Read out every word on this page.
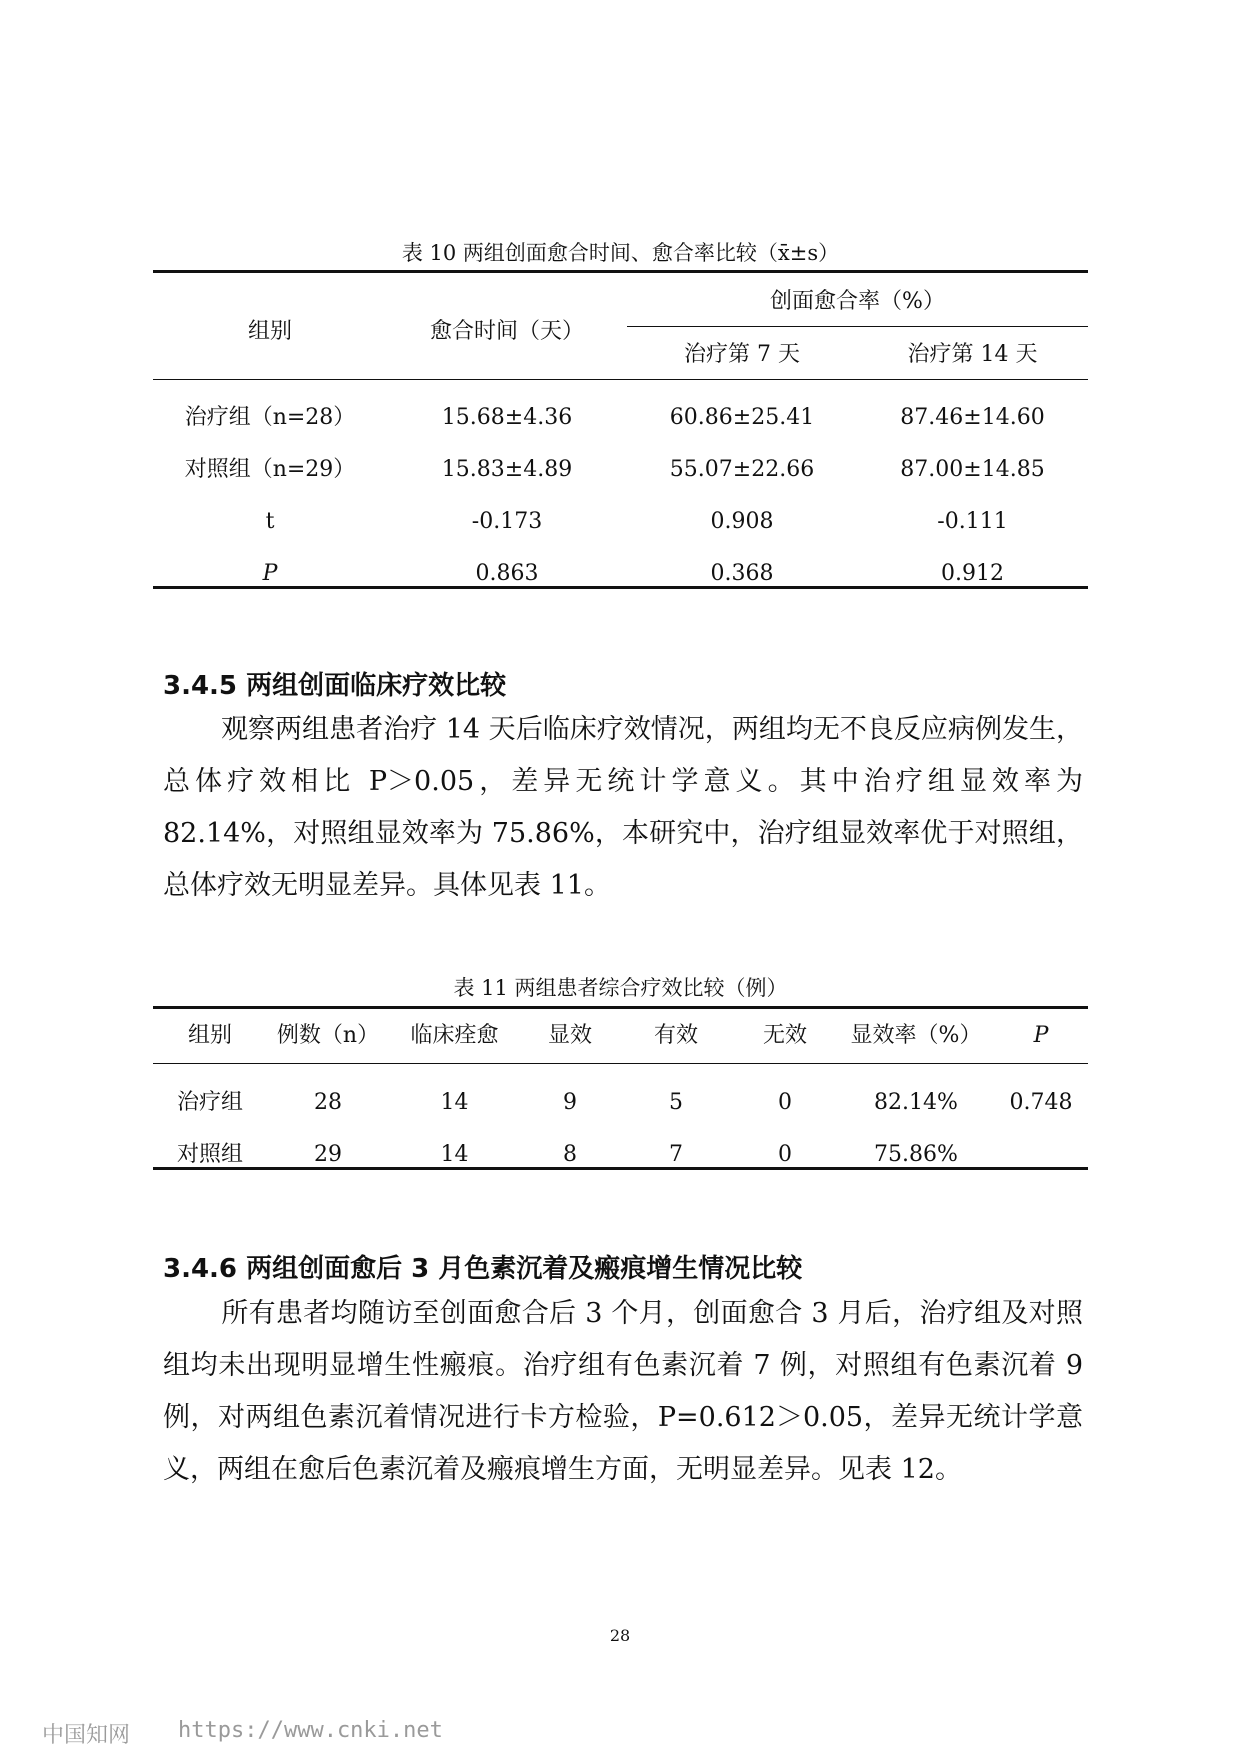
表 10 两组创面愈合时间、愈合率比较（x̄±s）
组别	愈合时间（天）
创面愈合率（%）
治疗第 7 天	治疗第 14 天
治疗组（n=28）	15.68±4.36	60.86±25.41	87.46±14.60
对照组（n=29）	15.83±4.89	55.07±22.66	87.00±14.85
t	-0.173	0.908	-0.111
P	0.863	0.368	0.912
3.4.5 两组创面临床疗效比较

观察两组患者治疗 14 天后临床疗效情况，两组均无不良反应病例发生，总体疗效相比 P＞0.05，差异无统计学意义。其中治疗组显效率为 82.14%，对照组显效率为 75.86%，本研究中，治疗组显效率优于对照组，总体疗效无明显差异。具体见表 11。

表 11 两组患者综合疗效比较（例）
组别	例数（n）	临床痊愈	显效	有效	无效	显效率（%）	P
治疗组	28	14	9	5	0	82.14%	0.748
对照组	29	14	8	7	0	75.86%
3.4.6 两组创面愈后 3 月色素沉着及瘢痕增生情况比较

所有患者均随访至创面愈合后 3 个月，创面愈合 3 月后，治疗组及对照组均未出现明显增生性瘢痕。治疗组有色素沉着 7 例，对照组有色素沉着 9 例，对两组色素沉着情况进行卡方检验，P=0.612＞0.05，差异无统计学意义，两组在愈后色素沉着及瘢痕增生方面，无明显差异。见表 12。

28
中国知网 https://www.cnki.net
